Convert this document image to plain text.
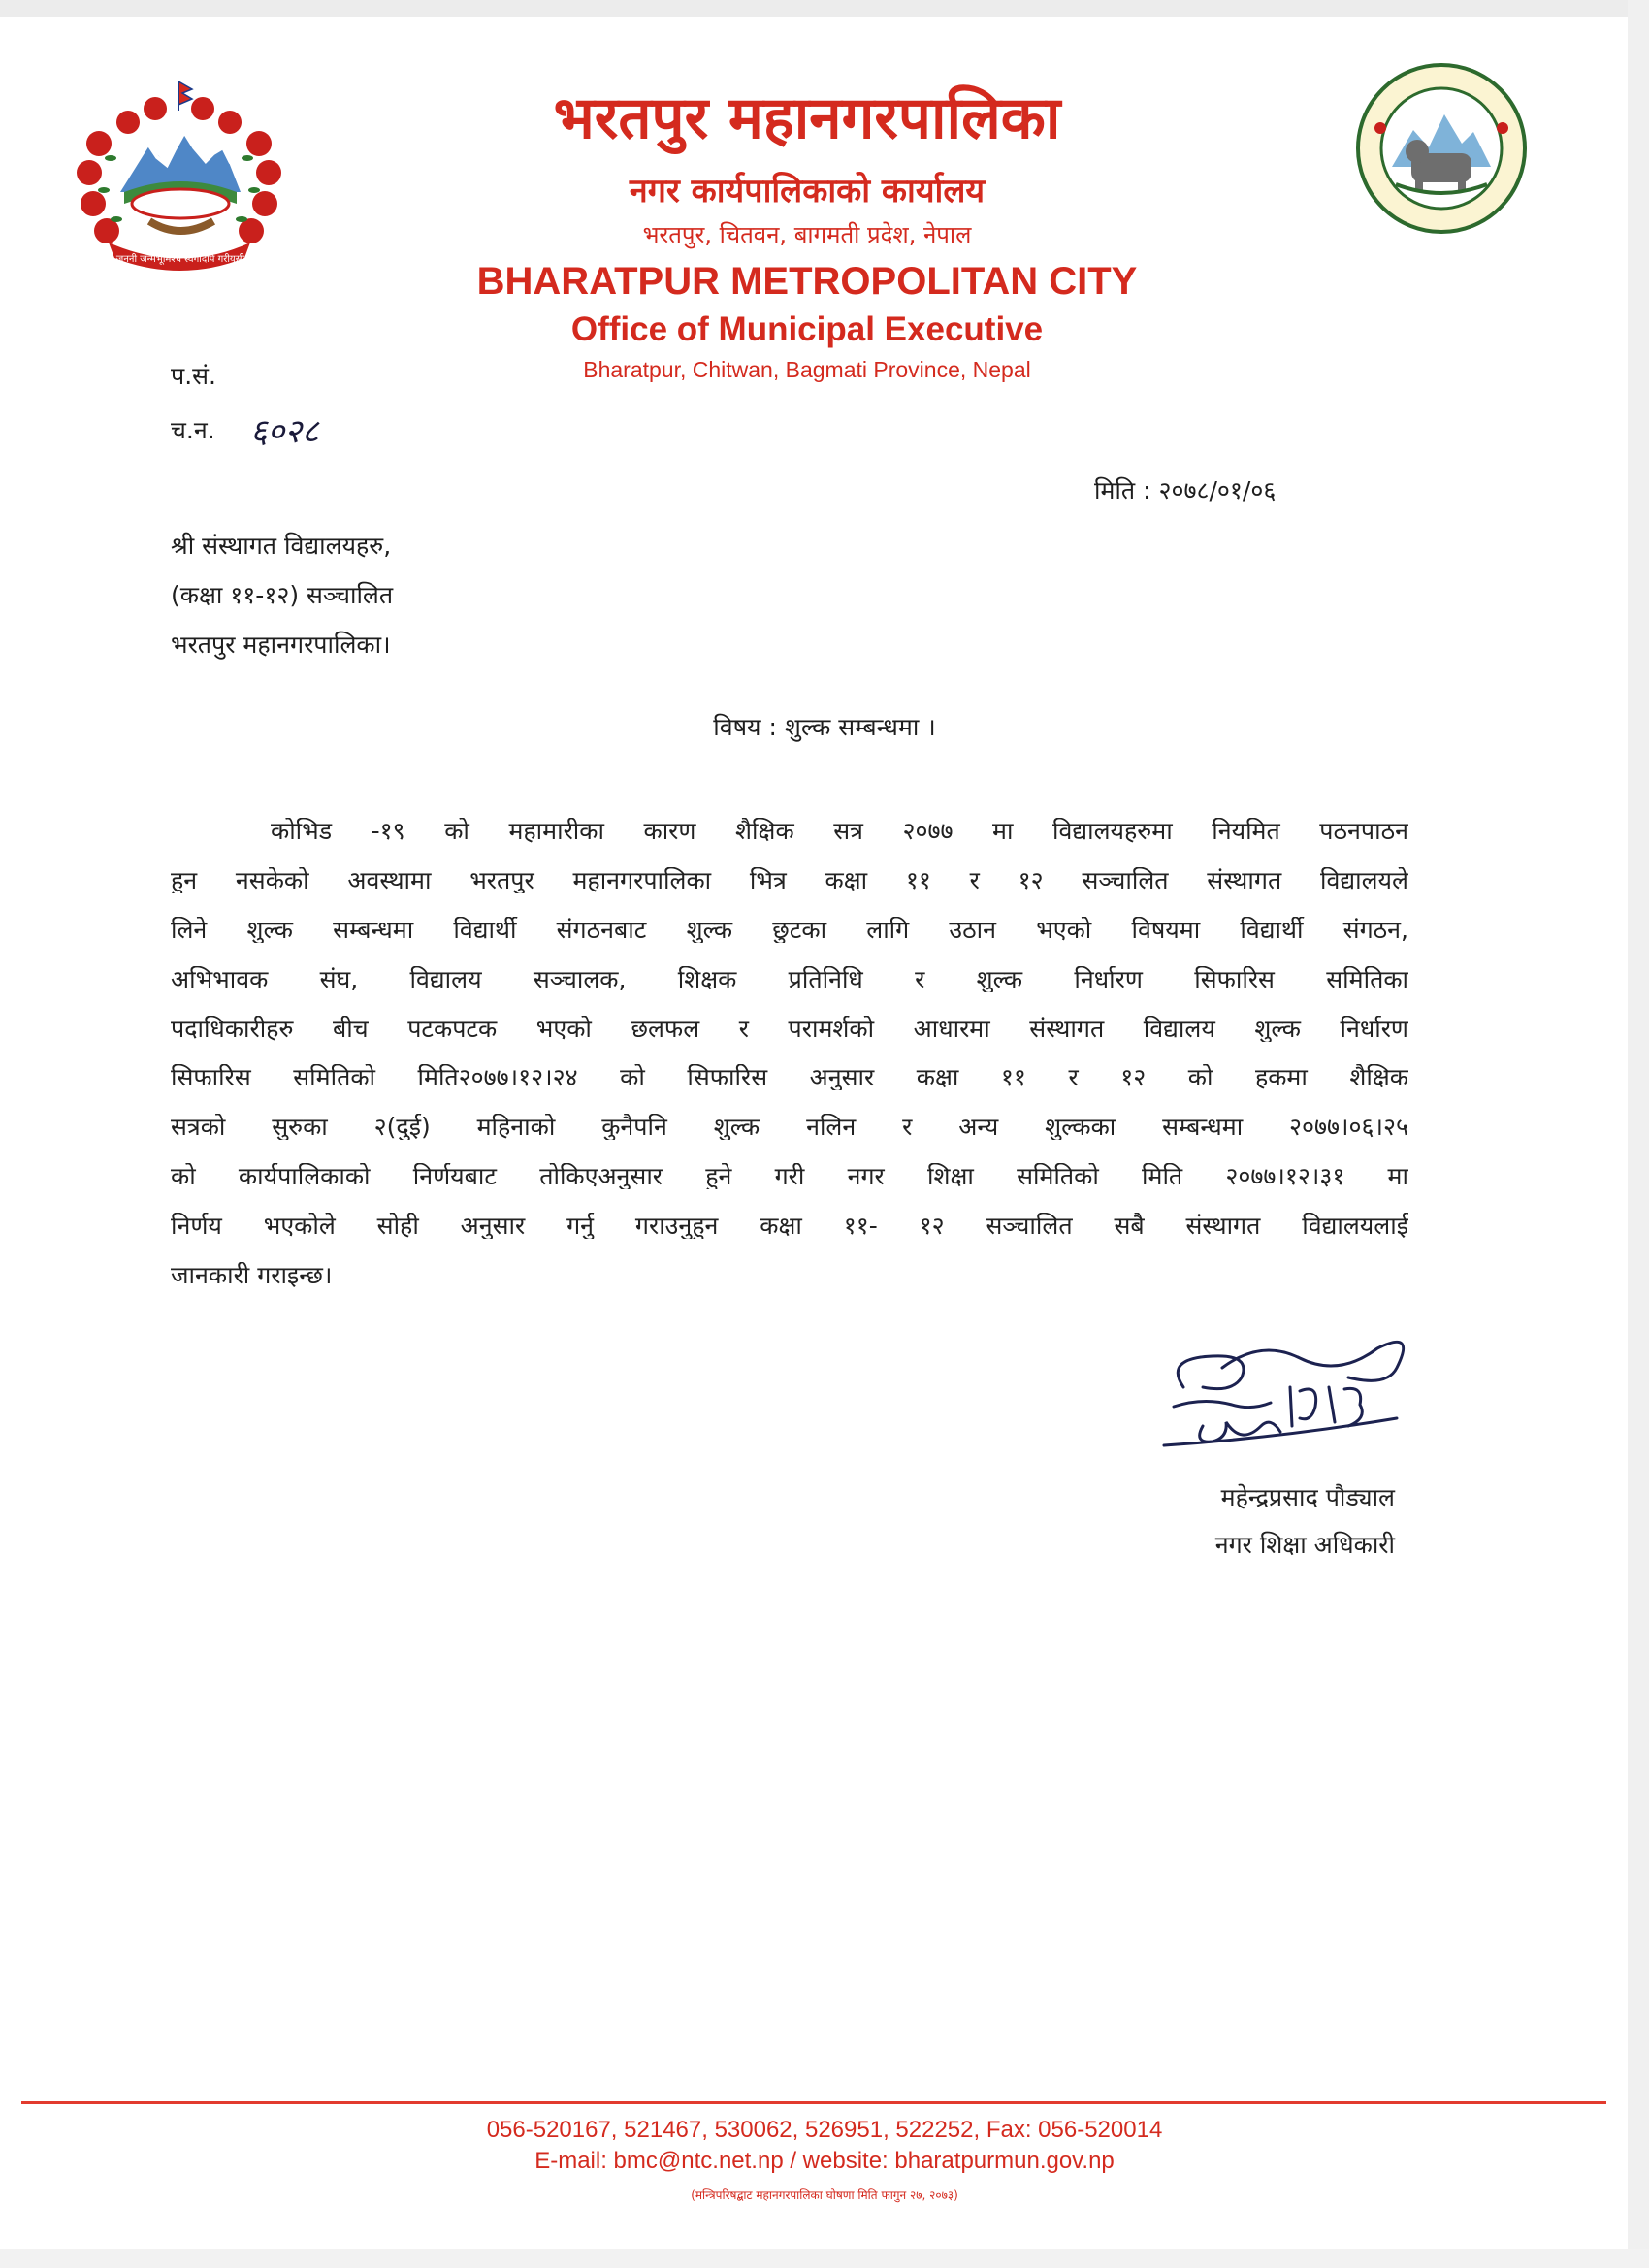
जननी जन्मभूमिश्च स्वर्गादपि गरीयसी
भरतपुर महानगरपालिका
नगर कार्यपालिकाको कार्यालय
भरतपुर, चितवन, बागमती प्रदेश, नेपाल
BHARATPUR METROPOLITAN CITY
Office of Municipal Executive
Bharatpur, Chitwan, Bagmati Province, Nepal
प.सं.
च.न. ६०२८
मिति : २०७८/०१/०६
श्री संस्थागत विद्यालयहरु,
(कक्षा ११-१२) सञ्चालित
भरतपुर महानगरपालिका।
विषय : शुल्क सम्बन्धमा ।
कोभिड -१९ को महामारीका कारण शैक्षिक सत्र २०७७ मा विद्यालयहरुमा नियमित पठनपाठन
हुन नसकेको अवस्थामा भरतपुर महानगरपालिका भित्र कक्षा ११ र १२ सञ्चालित संस्थागत विद्यालयले
लिने शुल्क सम्बन्धमा विद्यार्थी संगठनबाट शुल्क छुटका लागि उठान भएको विषयमा विद्यार्थी संगठन,
अभिभावक संघ, विद्यालय सञ्चालक, शिक्षक प्रतिनिधि र शुल्क निर्धारण सिफारिस समितिका
पदाधिकारीहरु बीच पटकपटक भएको छलफल र परामर्शको आधारमा संस्थागत विद्यालय शुल्क निर्धारण
सिफारिस समितिको मिति२०७७।१२।२४ को सिफारिस अनुसार कक्षा ११ र १२ को हकमा शैक्षिक
सत्रको सुरुका २(दुई) महिनाको कुनैपनि शुल्क नलिन र अन्य शुल्कका सम्बन्धमा २०७७।०६।२५
को कार्यपालिकाको निर्णयबाट तोकिएअनुसार हुने गरी नगर शिक्षा समितिको मिति २०७७।१२।३१ मा
निर्णय भएकोले सोही अनुसार गर्नु गराउनुहुन कक्षा ११- १२ सञ्चालित सबै संस्थागत विद्यालयलाई
जानकारी गराइन्छ।
महेन्द्रप्रसाद पौड्याल
नगर शिक्षा अधिकारी
056-520167, 521467, 530062, 526951, 522252, Fax: 056-520014
E-mail: bmc@ntc.net.np / website: bharatpurmun.gov.np
(मन्त्रिपरिषद्बाट महानगरपालिका घोषणा मिति फागुन २७, २०७३)
